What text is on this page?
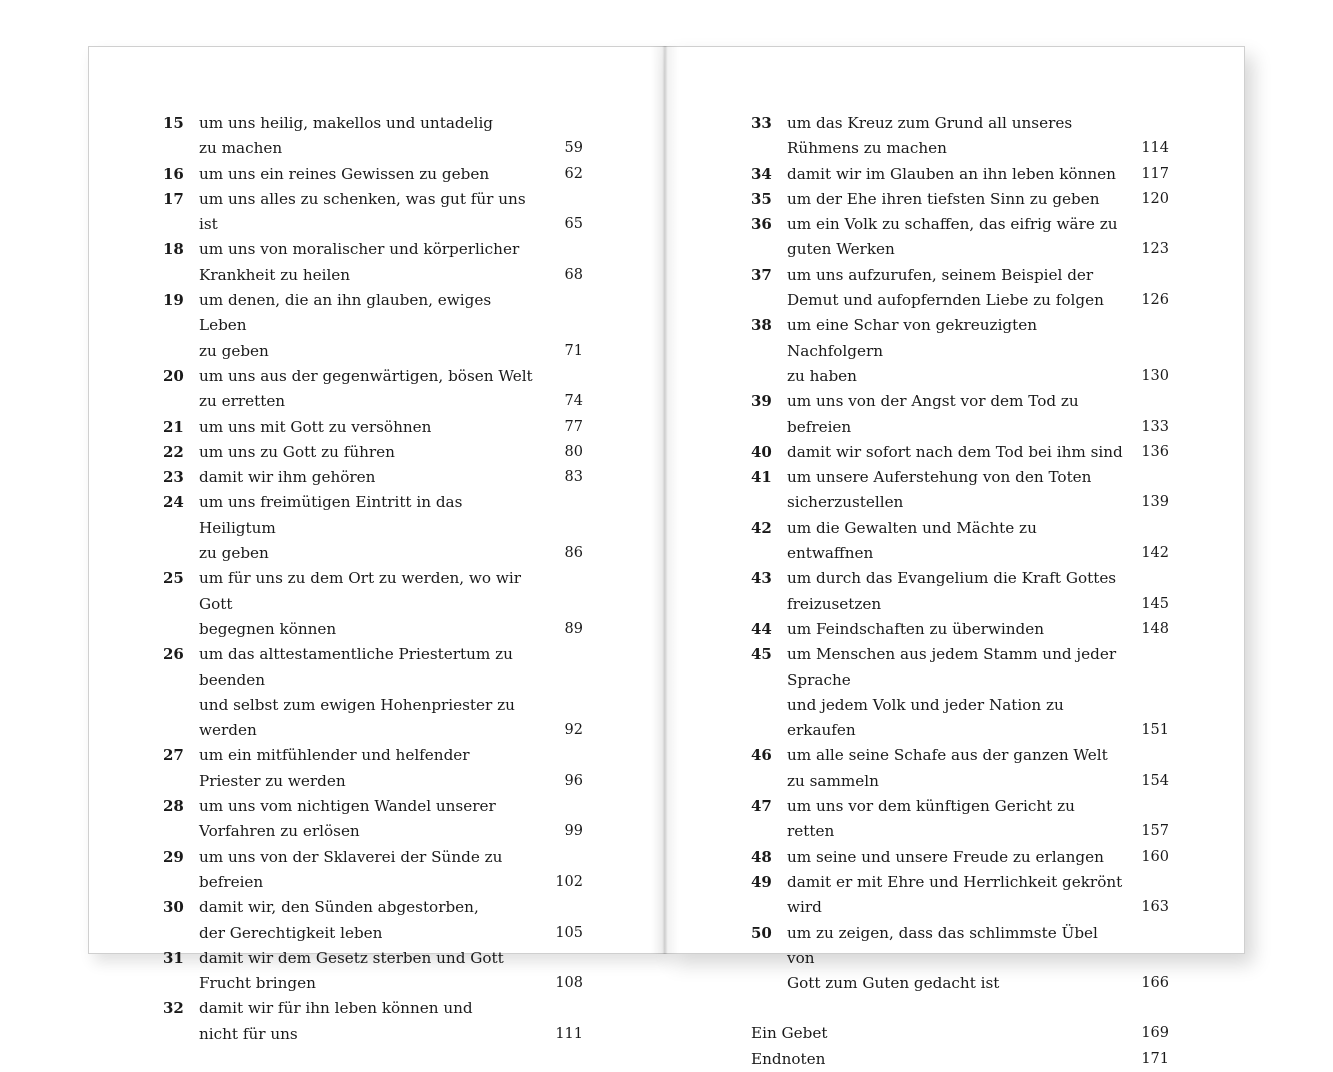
15 um uns heilig, makellos und untadelig
zu machen	59
16 um uns ein reines Gewissen zu geben	62
17 um uns alles zu schenken, was gut für uns ist	65
18 um uns von moralischer und körperlicher
Krankheit zu heilen	68
19 um denen, die an ihn glauben, ewiges Leben
zu geben	71
20 um uns aus der gegenwärtigen, bösen Welt
zu erretten	74
21 um uns mit Gott zu versöhnen	77
22 um uns zu Gott zu führen	80
23 damit wir ihm gehören	83
24 um uns freimütigen Eintritt in das Heiligtum
zu geben	86
25 um für uns zu dem Ort zu werden, wo wir Gott
begegnen können	89
26 um das alttestamentliche Priestertum zu beenden
und selbst zum ewigen Hohenpriester zu werden	92
27 um ein mitfühlender und helfender
Priester zu werden	96
28 um uns vom nichtigen Wandel unserer
Vorfahren zu erlösen	99
29 um uns von der Sklaverei der Sünde zu befreien	102
30 damit wir, den Sünden abgestorben,
der Gerechtigkeit leben	105
31 damit wir dem Gesetz sterben und Gott
Frucht bringen	108
32 damit wir für ihn leben können und
nicht für uns	111
33 um das Kreuz zum Grund all unseres
Rühmens zu machen	114
34 damit wir im Glauben an ihn leben können	117
35 um der Ehe ihren tiefsten Sinn zu geben	120
36 um ein Volk zu schaffen, das eifrig wäre zu
guten Werken	123
37 um uns aufzurufen, seinem Beispiel der
Demut und aufopfernden Liebe zu folgen	126
38 um eine Schar von gekreuzigten Nachfolgern
zu haben	130
39 um uns von der Angst vor dem Tod zu befreien	133
40 damit wir sofort nach dem Tod bei ihm sind 136
41 um unsere Auferstehung von den Toten
sicherzustellen	139
42 um die Gewalten und Mächte zu entwaffnen	142
43 um durch das Evangelium die Kraft Gottes
freizusetzen	145
44 um Feindschaften zu überwinden	148
45 um Menschen aus jedem Stamm und jeder Sprache
und jedem Volk und jeder Nation zu erkaufen	151
46 um alle seine Schafe aus der ganzen Welt
zu sammeln	154
47 um uns vor dem künftigen Gericht zu retten	157
48 um seine und unsere Freude zu erlangen	160
49 damit er mit Ehre und Herrlichkeit gekrönt wird	163
50 um zu zeigen, dass das schlimmste Übel von
Gott zum Guten gedacht ist	166
Ein Gebet	169
Endnoten	171
